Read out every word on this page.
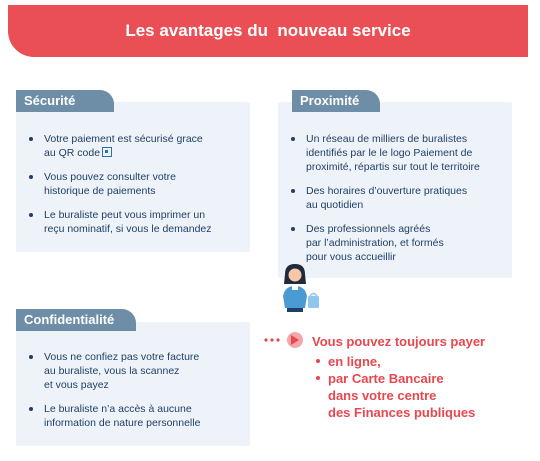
Les avantages du  nouveau service
Sécurité
Votre paiement est sécurisé grace
au QR code
Vous pouvez consulter votre
historique de paiements
Le buraliste peut vous imprimer un
reçu nominatif, si vous le demandez
Proximité
Un réseau de milliers de buralistes
identifiés par le le logo Paiement de
proximité, répartis sur tout le territoire
Des horaires d’ouverture pratiques
au quotidien
Des professionnels agréés
par l’administration, et formés
pour vous accueillir
Confidentialité
Vous ne confiez pas votre facture
au buraliste, vous la scannez
et vous payez
Le buraliste n’a accès à aucune
information de nature personnelle
Vous pouvez toujours payer
en ligne,
par Carte Bancaire
dans votre centre
des Finances publiques
